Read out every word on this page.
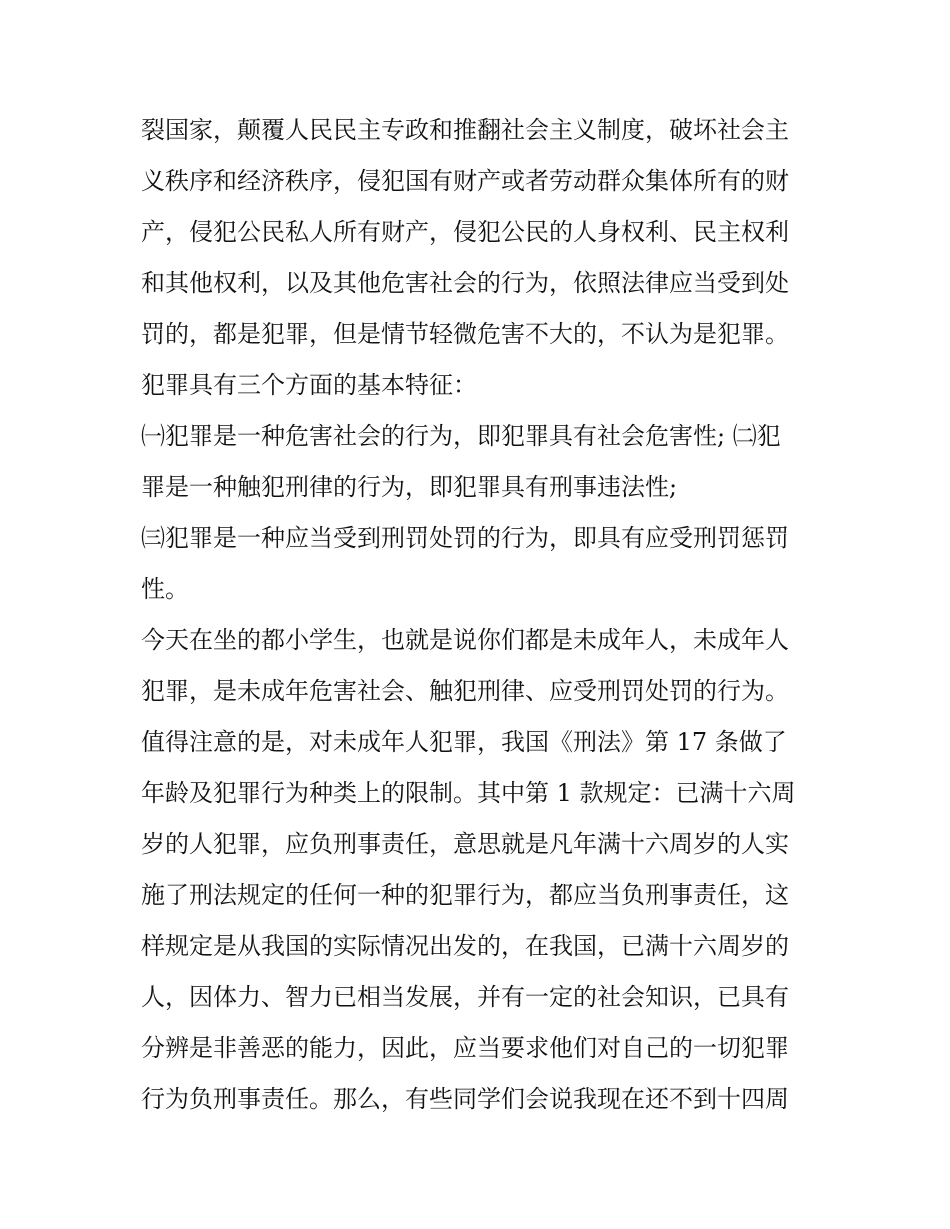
裂国家，颠覆人民民主专政和推翻社会主义制度，破坏社会主
义秩序和经济秩序，侵犯国有财产或者劳动群众集体所有的财
产，侵犯公民私人所有财产，侵犯公民的人身权利、民主权利
和其他权利，以及其他危害社会的行为，依照法律应当受到处
罚的，都是犯罪，但是情节轻微危害不大的，不认为是犯罪。
犯罪具有三个方面的基本特征：
㈠犯罪是一种危害社会的行为，即犯罪具有社会危害性; ㈡犯
罪是一种触犯刑律的行为，即犯罪具有刑事违法性;
㈢犯罪是一种应当受到刑罚处罚的行为，即具有应受刑罚惩罚
性。
今天在坐的都小学生，也就是说你们都是未成年人，未成年人
犯罪，是未成年危害社会、触犯刑律、应受刑罚处罚的行为。
值得注意的是，对未成年人犯罪，我国《刑法》第 17 条做了
年龄及犯罪行为种类上的限制。其中第 1 款规定：已满十六周
岁的人犯罪，应负刑事责任，意思就是凡年满十六周岁的人实
施了刑法规定的任何一种的犯罪行为，都应当负刑事责任，这
样规定是从我国的实际情况出发的，在我国，已满十六周岁的
人，因体力、智力已相当发展，并有一定的社会知识，已具有
分辨是非善恶的能力，因此，应当要求他们对自己的一切犯罪
行为负刑事责任。那么，有些同学们会说我现在还不到十四周
